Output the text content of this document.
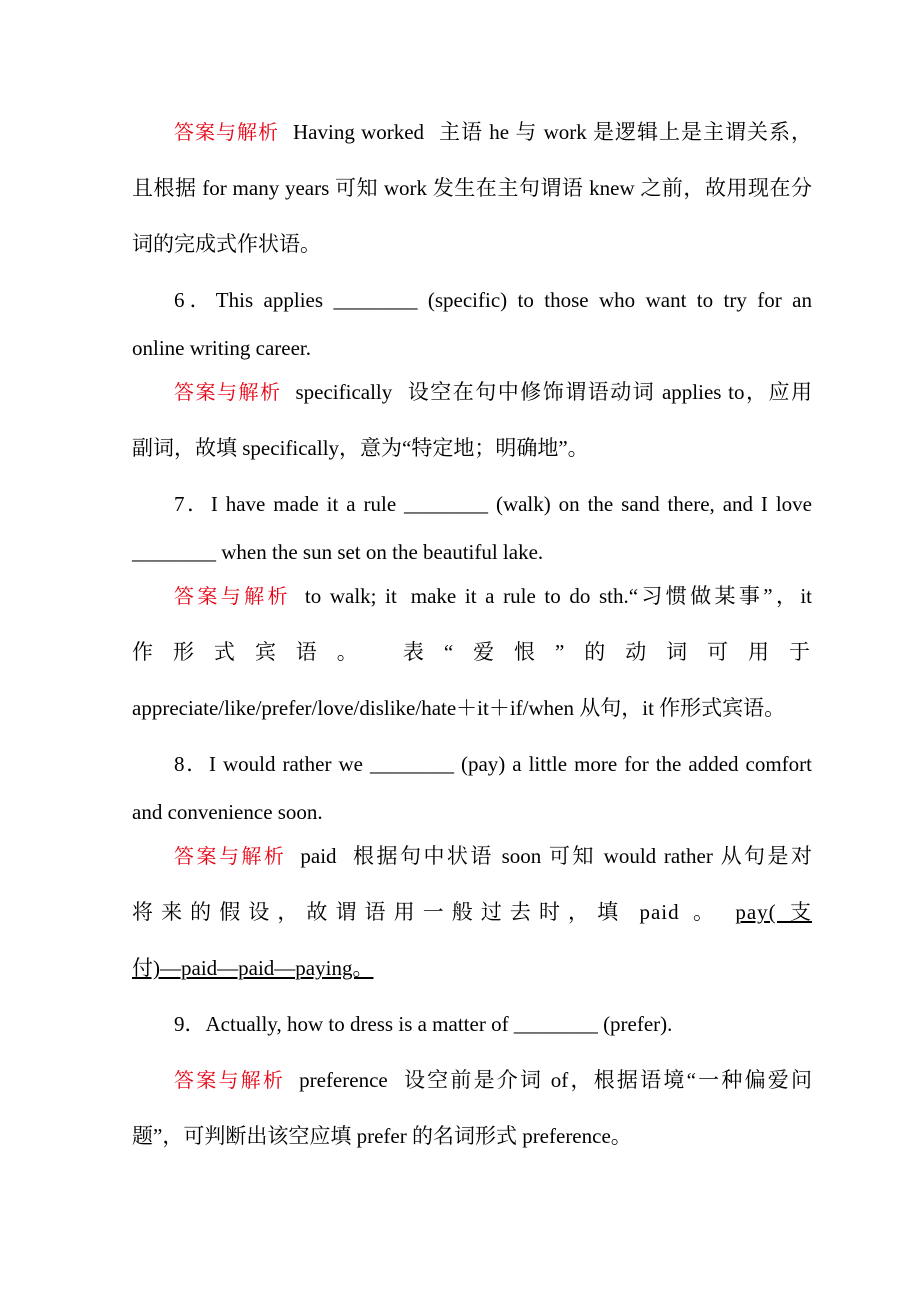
答案与解析 Having worked 主语 he 与 work 是逻辑上是主谓关系，
且根据 for many years 可知 work 发生在主句谓语 knew 之前，故用现在分
词的完成式作状语。
6．This applies ________ (specific) to those who want to try for an
online writing career.
答案与解析 specifically 设空在句中修饰谓语动词 applies to，应用
副词，故填 specifically，意为“特定地；明确地”。
7．I have made it a rule ________ (walk) on the sand there, and I love
________ when the sun set on the beautiful lake.
答案与解析 to walk; it make it a rule to do sth.“习惯做某事”，it
作形式宾语。 表“爱恨”的动词可用于
appreciate/like/prefer/love/dislike/hate＋it＋if/when 从句，it 作形式宾语。
8．I would rather we ________ (pay) a little more for the added comfort
and convenience soon.
答案与解析 paid 根据句中状语 soon 可知 would rather 从句是对
将来的假设，故谓语用一般过去时，填 paid 。 pay( 支
付)—paid—paid—paying。
9．Actually, how to dress is a matter of ________ (prefer).
答案与解析 preference 设空前是介词 of，根据语境“一种偏爱问
题”，可判断出该空应填 prefer 的名词形式 preference。
